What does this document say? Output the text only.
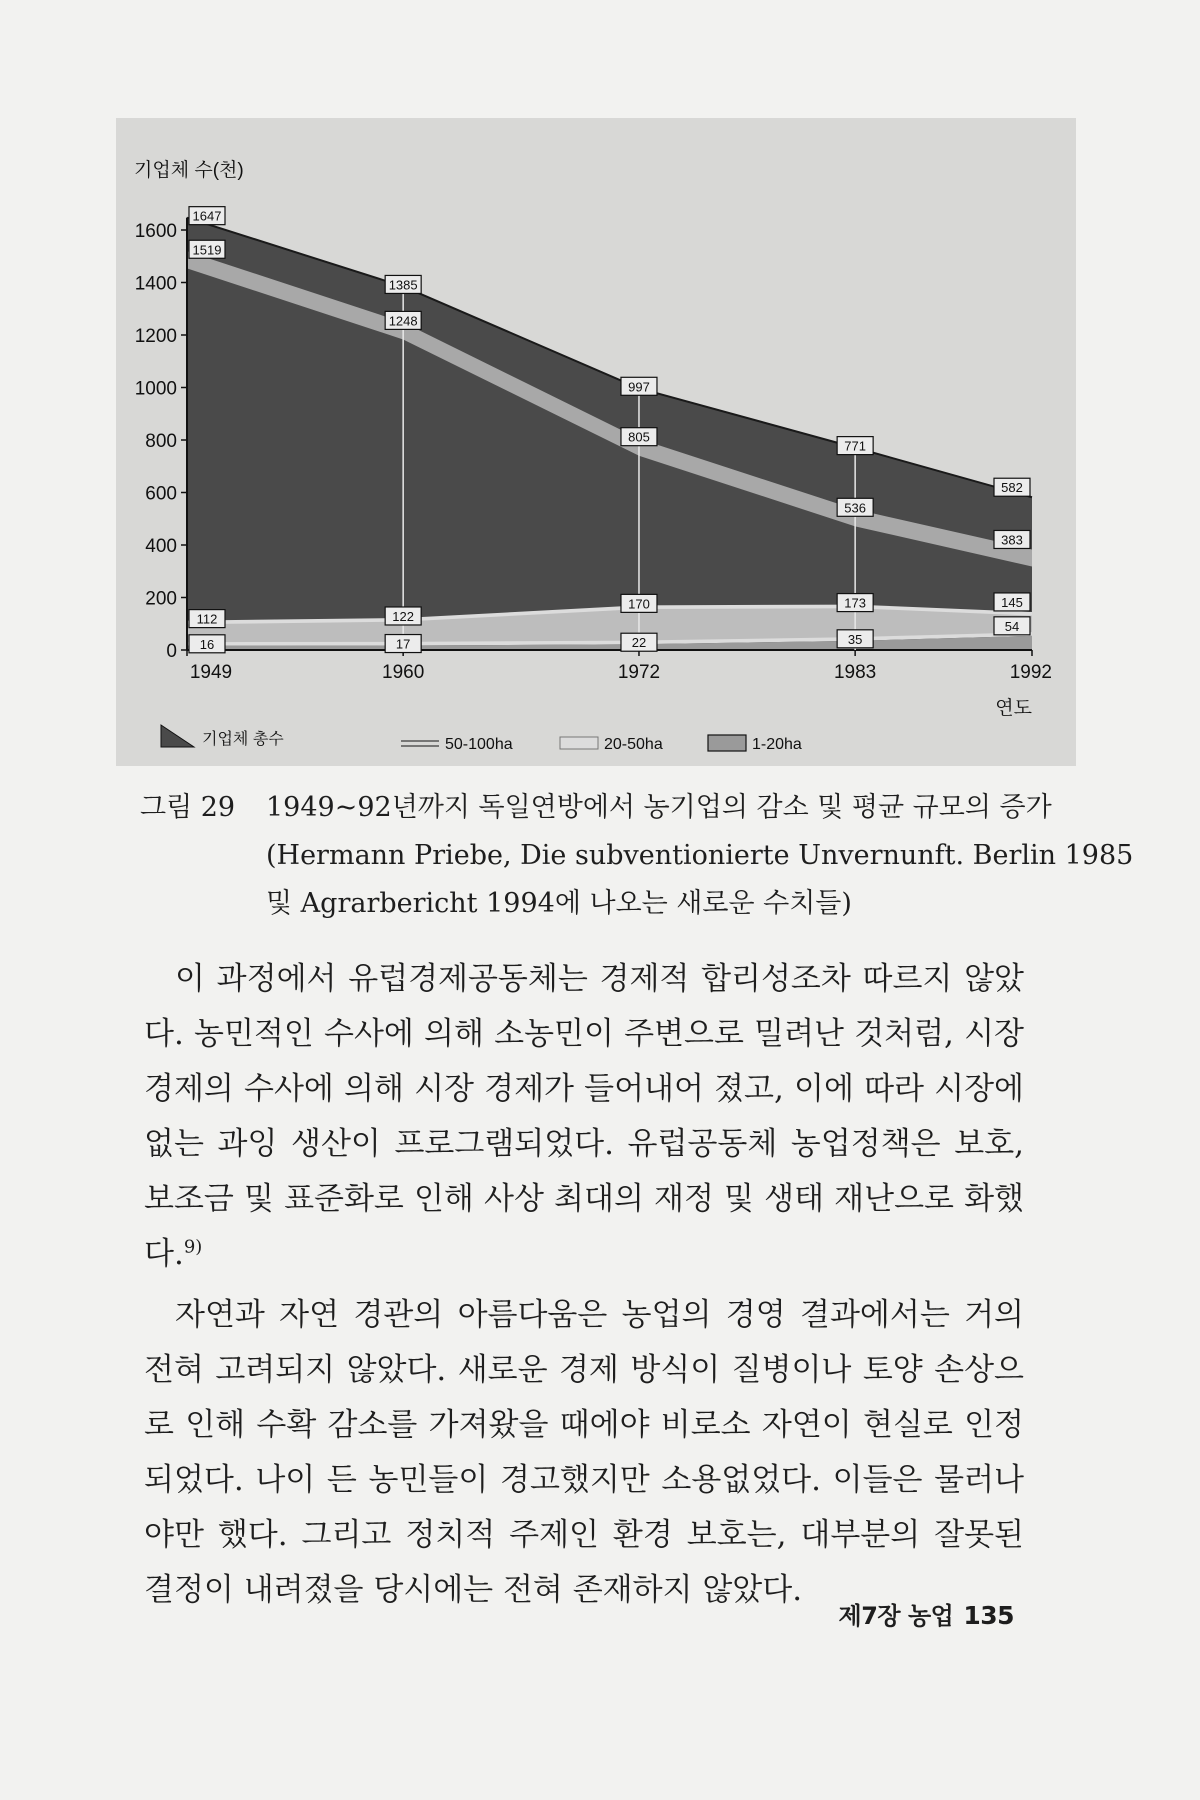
0
200
400
600
800
1000
1200
1400
1600
1949	1960	1972	1983	1992
기업체 수(천)
연도
1647
1385
997
771
582
1519
1248
805
536
383
112	122
170	173	145
16	17	22	35
54
기업체 총수	50-100ha	20-50ha	1-20ha
그림 29 1949~92년까지 독일연방에서 농기업의 감소 및 평균 규모의 증가
(Hermann Priebe, Die subventionierte Unvernunft. Berlin 1985
및 Agrarbericht 1994에 나오는 새로운 수치들)

이 과정에서 유럽경제공동체는 경제적 합리성조차 따르지 않았다. 농민적인 수사에 의해 소농민이 주변으로 밀려난 것처럼, 시장 경제의 수사에 의해 시장 경제가 들어내어 졌고, 이에 따라 시장에 없는 과잉 생산이 프로그램되었다. 유럽공동체 농업정책은 보호, 보조금 및 표준화로 인해 사상 최대의 재정 및 생태 재난으로 화했다.$^{9)}$

자연과 자연 경관의 아름다움은 농업의 경영 결과에서는 거의 전혀 고려되지 않았다. 새로운 경제 방식이 질병이나 토양 손상으로 인해 수확 감소를 가져왔을 때에야 비로소 자연이 현실로 인정되었다. 나이 든 농민들이 경고했지만 소용없었다. 이들은 물러나야만 했다. 그리고 정치적 주제인 환경 보호는, 대부분의 잘못된 결정이 내려졌을 당시에는 전혀 존재하지 않았다.

제7장 농업 135
